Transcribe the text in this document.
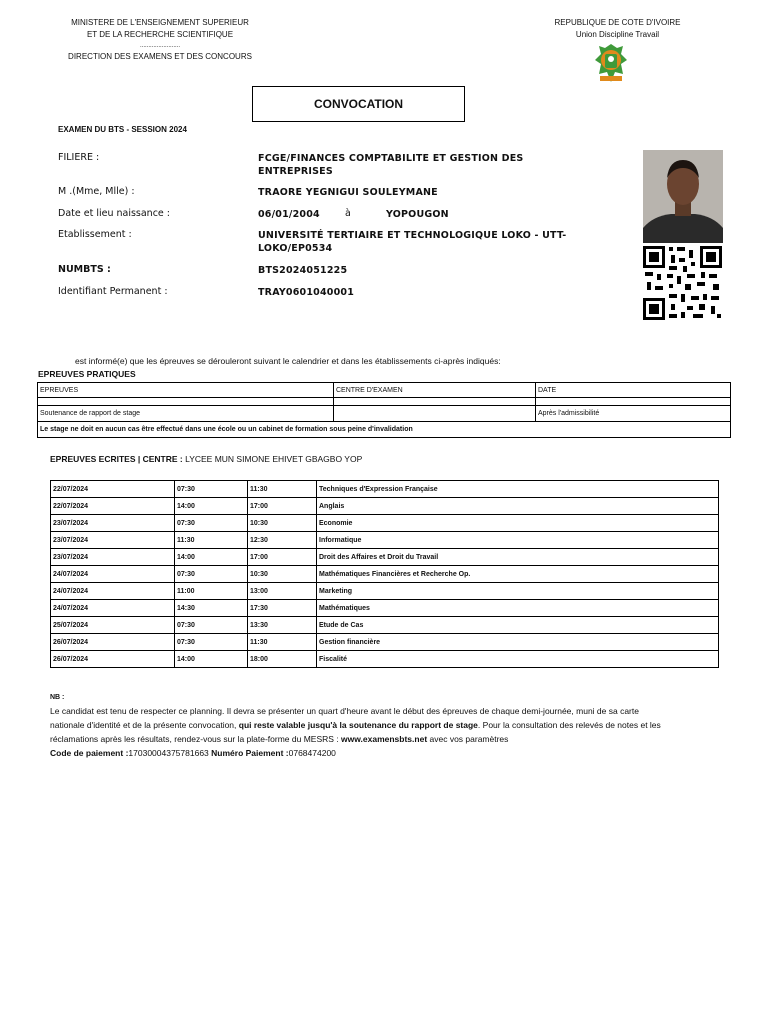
MINISTERE DE L'ENSEIGNEMENT SUPERIEUR
ET DE LA RECHERCHE SCIENTIFIQUE
........................
DIRECTION DES EXAMENS ET DES CONCOURS
REPUBLIQUE DE COTE D'IVOIRE
Union Discipline Travail
CONVOCATION
EXAMEN DU BTS - SESSION 2024
FILIERE :	FCGE/FINANCES COMPTABILITE ET GESTION DES ENTREPRISES
M .(Mme, Mlle) :	TRAORE YEGNIGUI SOULEYMANE
Date et lieu naissance :	06/01/2004	à	YOPOUGON
Etablissement :	UNIVERSITÉ TERTIAIRE ET TECHNOLOGIQUE LOKO - UTT-LOKO/EP0534
NUMBTS :	BTS2024051225
Identifiant Permanent :	TRAY0601040001
est informé(e) que les épreuves se dérouleront suivant le calendrier et dans les établissements ci-après indiqués:
EPREUVES PRATIQUES
EPREUVES	CENTRE D'EXAMEN	DATE

Soutenance de rapport de stage		Après l'admissibilité
Le stage ne doit en aucun cas être effectué dans une école ou un cabinet de formation sous peine d'invalidation		
EPREUVES ECRITES | CENTRE : LYCEE MUN SIMONE EHIVET GBAGBO YOP
22/07/2024	07:30	11:30	Techniques d'Expression Française
22/07/2024	14:00	17:00	Anglais
23/07/2024	07:30	10:30	Economie
23/07/2024	11:30	12:30	Informatique
23/07/2024	14:00	17:00	Droit des Affaires et Droit du Travail
24/07/2024	07:30	10:30	Mathématiques Financières et Recherche Op.
24/07/2024	11:00	13:00	Marketing
24/07/2024	14:30	17:30	Mathématiques
25/07/2024	07:30	13:30	Etude de Cas
26/07/2024	07:30	11:30	Gestion financière
26/07/2024	14:00	18:00	Fiscalité
NB :
Le candidat est tenu de respecter ce planning. Il devra se présenter un quart d'heure avant le début des épreuves de chaque demi-journée, muni de sa carte nationale d'identité et de la présente convocation, qui reste valable jusqu'à la soutenance du rapport de stage. Pour la consultation des relevés de notes et les réclamations après les résultats, rendez-vous sur la plate-forme du MESRS : www.examensbts.net avec vos paramètres
Code de paiement :17030004375781663 Numéro Paiement :0768474200
